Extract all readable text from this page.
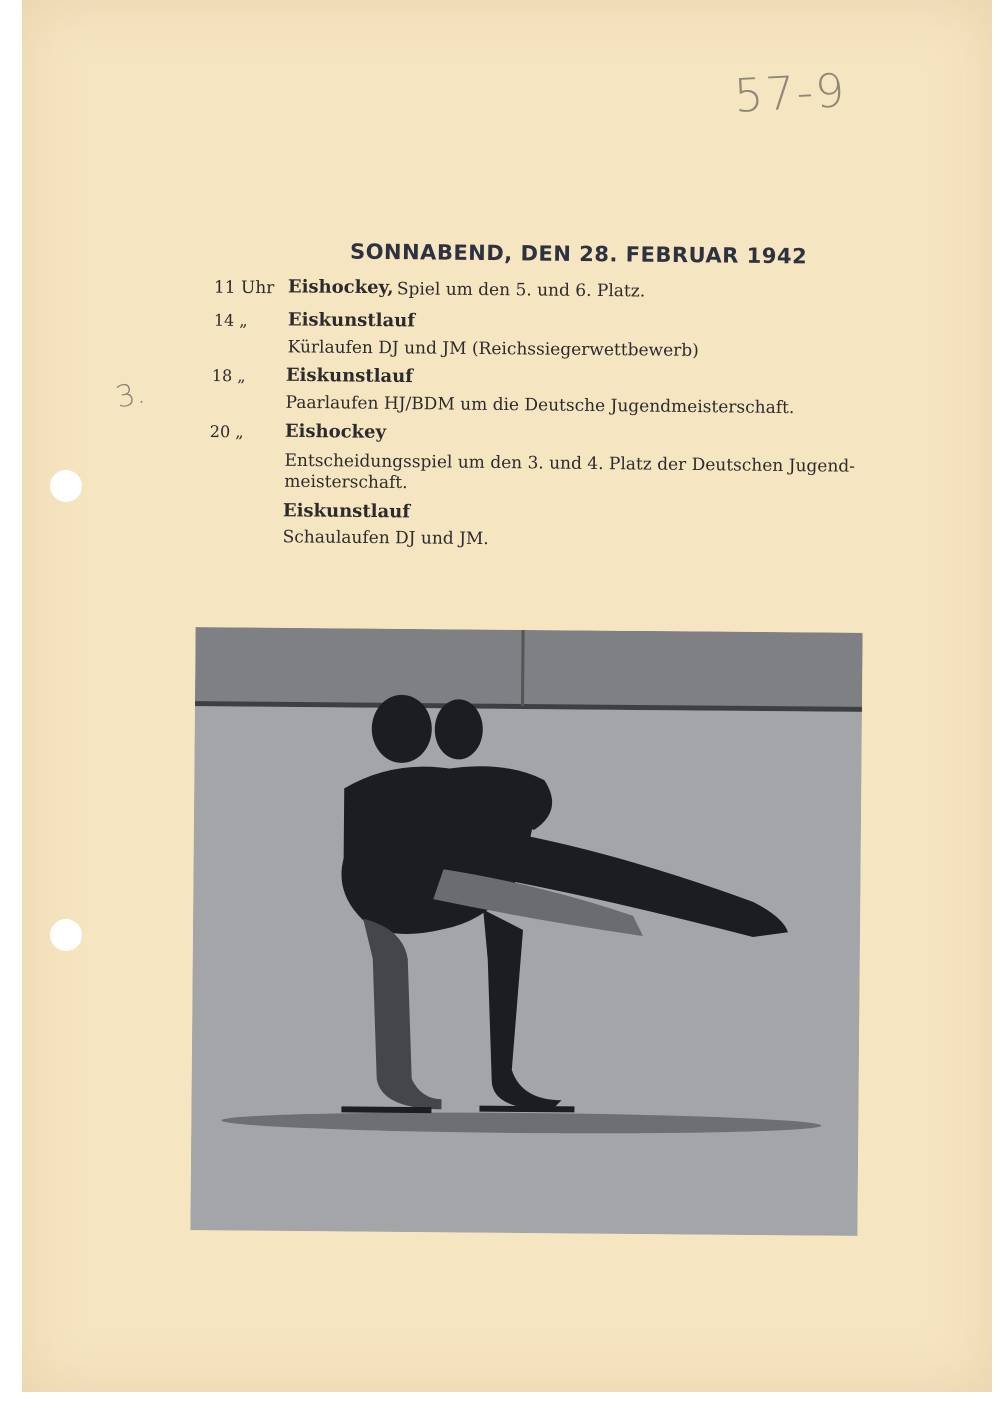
57-9
3.
SONNABEND, DEN 28. FEBRUAR 1942
11 Uhr Eishockey, Spiel um den 5. und 6. Platz.
14 „ Eiskunstlauf
Kürlaufen DJ und JM (Reichssiegerwettbewerb)
18 „ Eiskunstlauf
Paarlaufen HJ/BDM um die Deutsche Jugendmeisterschaft.
20 „ Eishockey
Entscheidungsspiel um den 3. und 4. Platz der Deutschen Jugend-
meisterschaft.
Eiskunstlauf
Schaulaufen DJ und JM.
